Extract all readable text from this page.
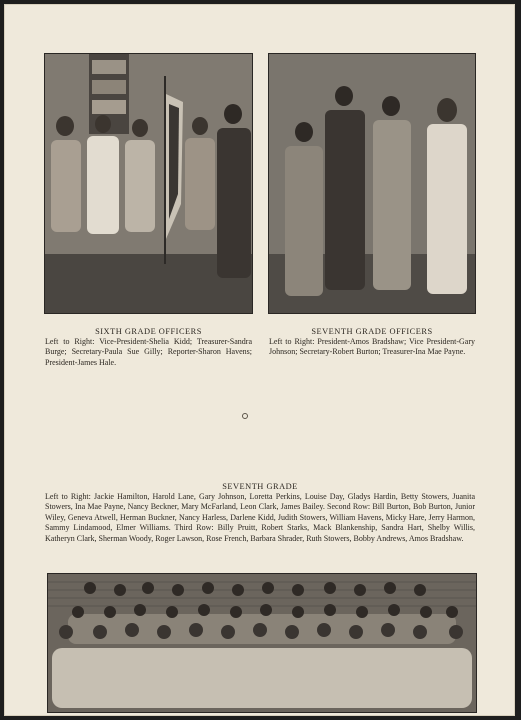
SIXTH GRADE OFFICERS
Left to Right: Vice-President-Shelia Kidd; Treasurer-Sandra Burge; Secretary-Paula Sue Gilly; Reporter-Sharon Havens; President-James Hale.
SEVENTH GRADE OFFICERS
Left to Right: President-Amos Bradshaw; Vice President-Gary Johnson; Secretary-Robert Burton; Treasurer-Ina Mae Payne.
SEVENTH GRADE
Left to Right: Jackie Hamilton, Harold Lane, Gary Johnson, Loretta Perkins, Louise Day, Gladys Hardin, Betty Stowers, Juanita Stowers, Ina Mae Payne, Nancy Beckner, Mary McFarland, Leon Clark, James Bailey. Second Row: Bill Burton, Bob Burton, Junior Wiley, Geneva Atwell, Herman Buckner, Nancy Harless, Darlene Kidd, Judith Stowers, William Havens, Micky Hare, Jerry Harmon, Sammy Lindamood, Elmer Williams. Third Row: Billy Pruitt, Robert Starks, Mack Blankenship, Sandra Hart, Shelby Willis, Katheryn Clark, Sherman Woody, Roger Lawson, Rose French, Barbara Shrader, Ruth Stowers, Bobby Andrews, Amos Bradshaw.
